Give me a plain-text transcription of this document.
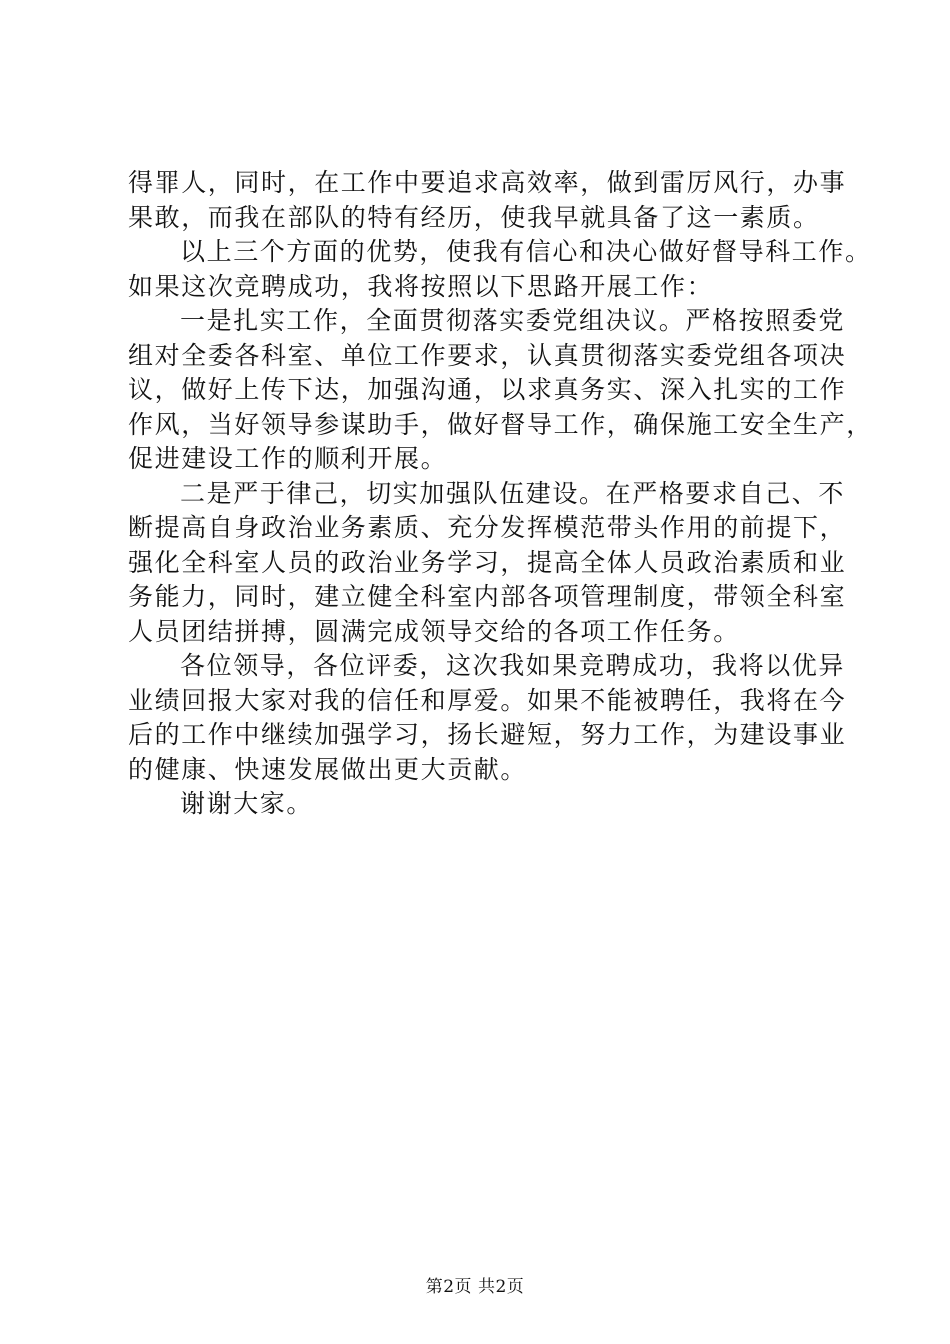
得罪人，同时，在工作中要追求高效率，做到雷厉风行，办事
果敢，而我在部队的特有经历，使我早就具备了这一素质。
以上三个方面的优势，使我有信心和决心做好督导科工作。
如果这次竞聘成功，我将按照以下思路开展工作：
一是扎实工作，全面贯彻落实委党组决议。严格按照委党
组对全委各科室、单位工作要求，认真贯彻落实委党组各项决
议，做好上传下达，加强沟通，以求真务实、深入扎实的工作
作风，当好领导参谋助手，做好督导工作，确保施工安全生产，
促进建设工作的顺利开展。
二是严于律己，切实加强队伍建设。在严格要求自己、不
断提高自身政治业务素质、充分发挥模范带头作用的前提下，
强化全科室人员的政治业务学习，提高全体人员政治素质和业
务能力，同时，建立健全科室内部各项管理制度，带领全科室
人员团结拼搏，圆满完成领导交给的各项工作任务。
各位领导，各位评委，这次我如果竞聘成功，我将以优异
业绩回报大家对我的信任和厚爱。如果不能被聘任，我将在今
后的工作中继续加强学习，扬长避短，努力工作，为建设事业
的健康、快速发展做出更大贡献。
谢谢大家。
第2页 共2页
